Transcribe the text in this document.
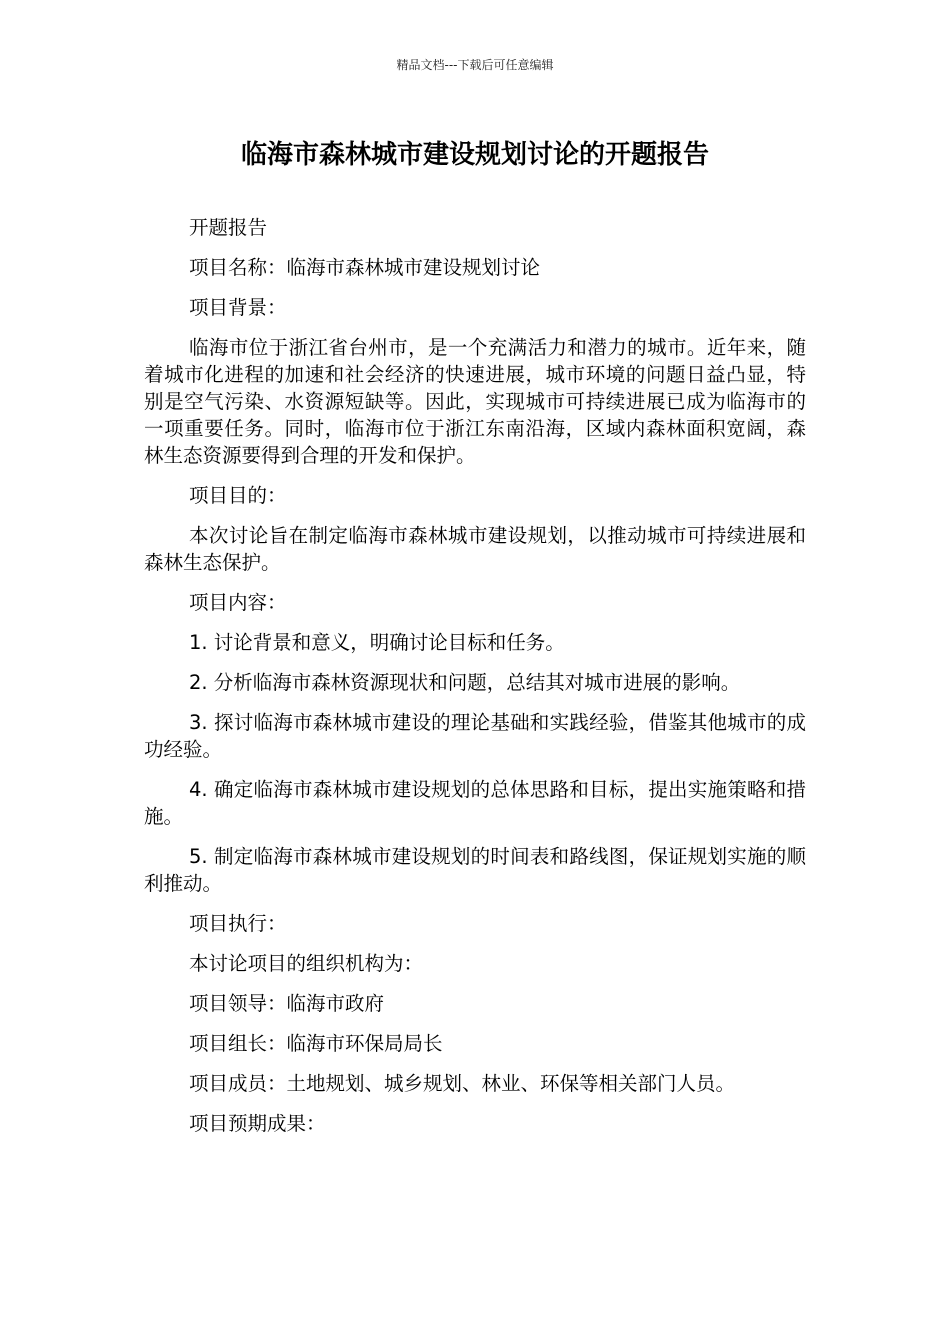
精品文档---下载后可任意编辑
临海市森林城市建设规划讨论的开题报告

开题报告

项目名称：临海市森林城市建设规划讨论

项目背景：

临海市位于浙江省台州市，是一个充满活力和潜力的城市。近年来，随着城市化进程的加速和社会经济的快速进展，城市环境的问题日益凸显，特别是空气污染、水资源短缺等。因此，实现城市可持续进展已成为临海市的一项重要任务。同时，临海市位于浙江东南沿海，区域内森林面积宽阔，森林生态资源要得到合理的开发和保护。

项目目的：

本次讨论旨在制定临海市森林城市建设规划，以推动城市可持续进展和森林生态保护。

项目内容：

1. 讨论背景和意义，明确讨论目标和任务。

2. 分析临海市森林资源现状和问题，总结其对城市进展的影响。

3. 探讨临海市森林城市建设的理论基础和实践经验，借鉴其他城市的成功经验。

4. 确定临海市森林城市建设规划的总体思路和目标，提出实施策略和措施。

5. 制定临海市森林城市建设规划的时间表和路线图，保证规划实施的顺利推动。

项目执行：

本讨论项目的组织机构为：

项目领导：临海市政府

项目组长：临海市环保局局长

项目成员：土地规划、城乡规划、林业、环保等相关部门人员。

项目预期成果：
